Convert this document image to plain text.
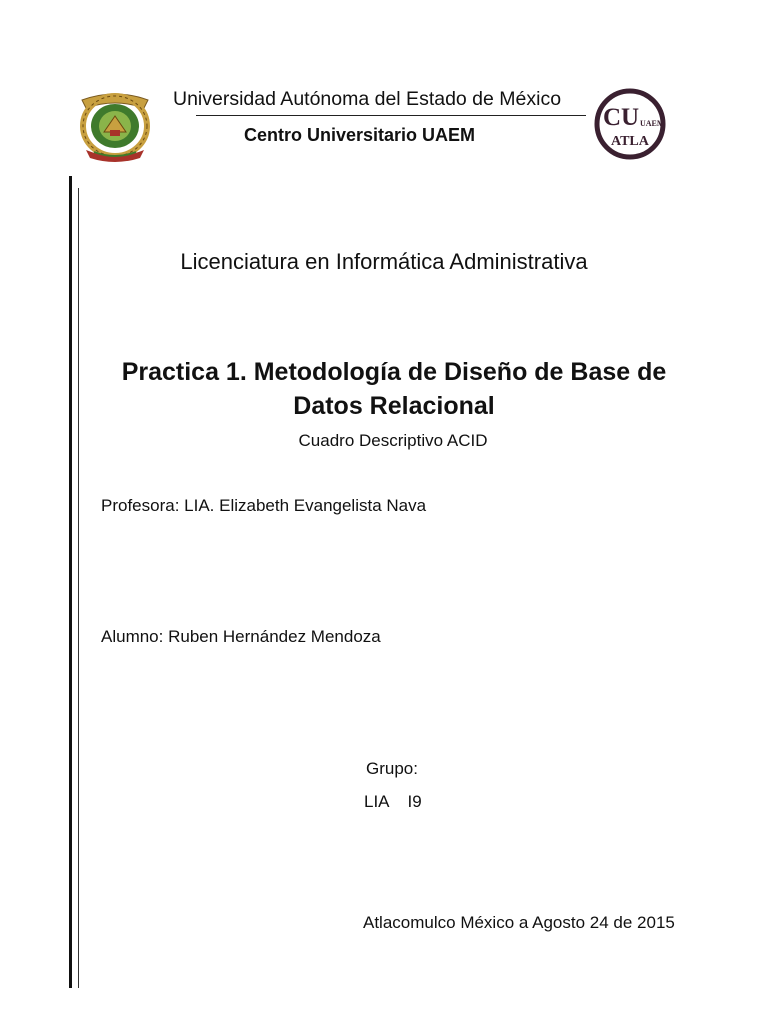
Universidad Autónoma del Estado de México
Centro Universitario UAEM
CU UAEM
ATLA
Licenciatura en Informática Administrativa
Practica 1. Metodología de Diseño de Base de
Datos Relacional
Cuadro Descriptivo ACID
Profesora: LIA. Elizabeth Evangelista Nava
Alumno: Ruben Hernández Mendoza
Grupo:
LIA    I9
Atlacomulco México a Agosto 24 de 2015
